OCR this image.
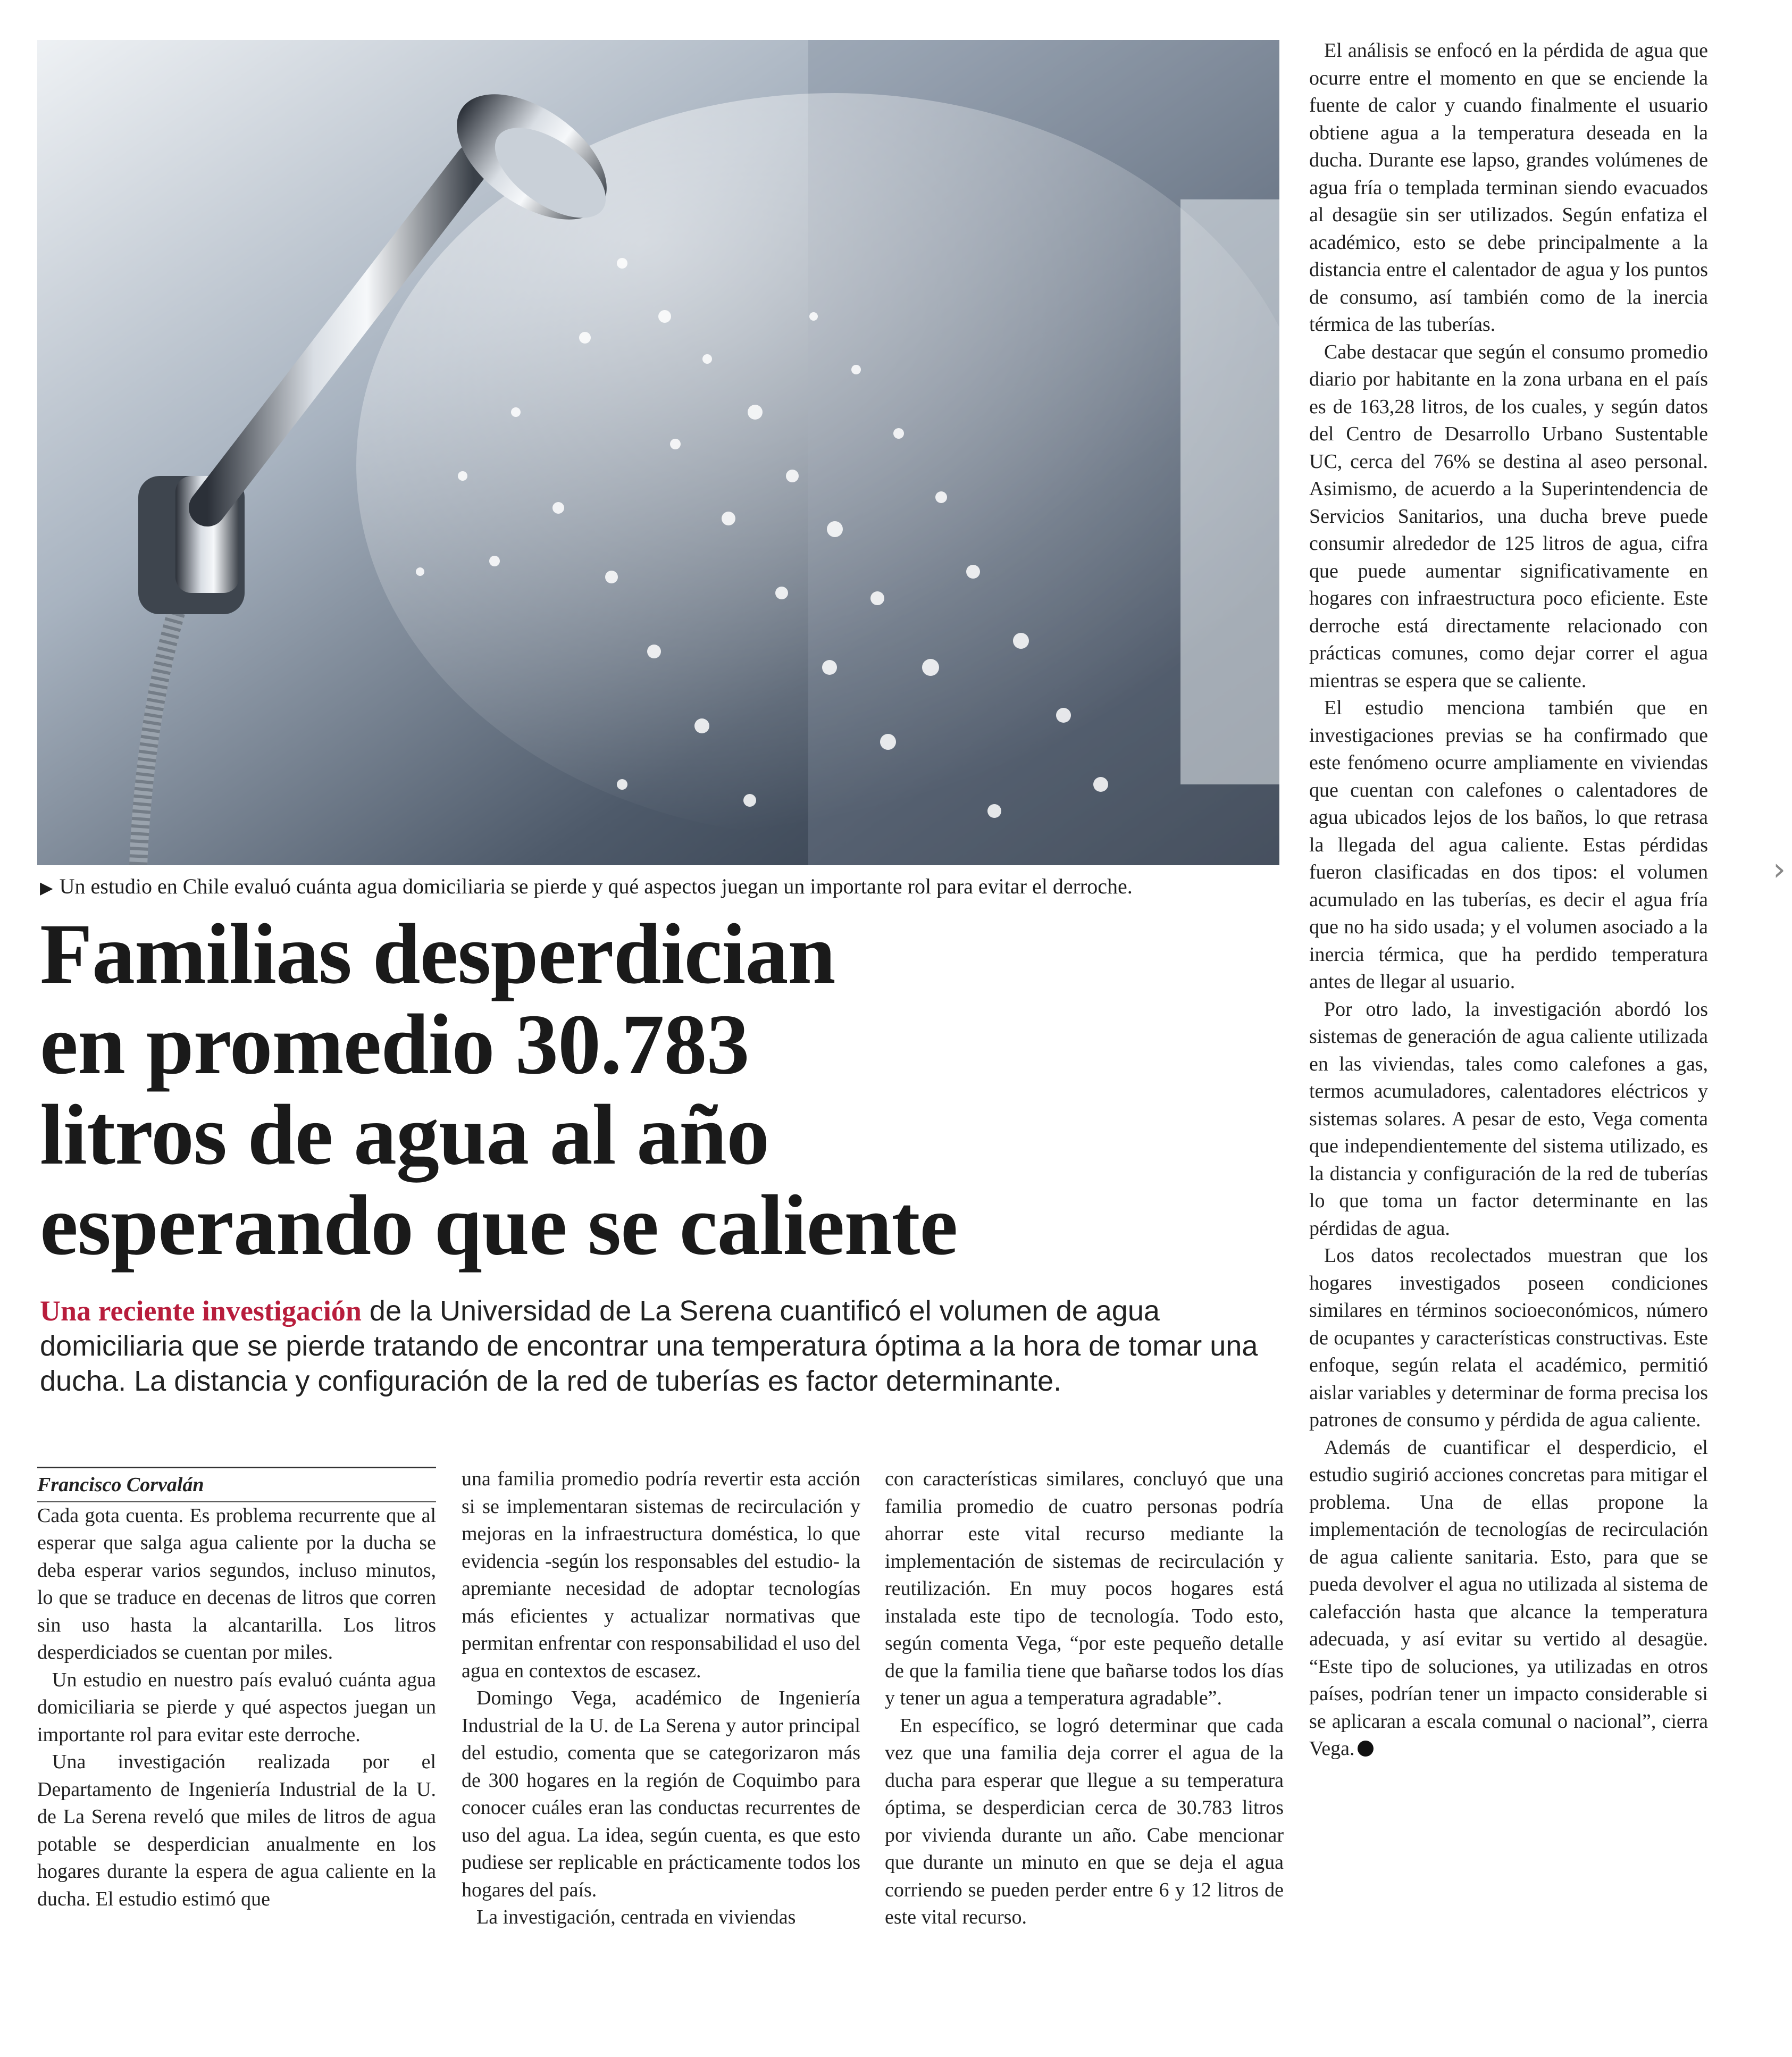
▶ Un estudio en Chile evaluó cuánta agua domiciliaria se pierde y qué aspectos juegan un importante rol para evitar el derroche.
Familias desperdician
en promedio 30.783
litros de agua al año
esperando que se caliente
Una reciente investigación de la Universidad de La Serena cuantificó el volumen de agua domiciliaria que se pierde tratando de encontrar una temperatura óptima a la hora de tomar una ducha. La distancia y configuración de la red de tuberías es factor determinante.

Francisco Corvalán

Cada gota cuenta. Es problema recurrente que al esperar que salga agua caliente por la ducha se deba esperar varios segundos, incluso minutos, lo que se traduce en decenas de litros que corren sin uso hasta la alcantarilla. Los litros desperdiciados se cuentan por miles.

Un estudio en nuestro país evaluó cuánta agua domiciliaria se pierde y qué aspectos juegan un importante rol para evitar este derroche.

Una investigación realizada por el Departamento de Ingeniería Industrial de la U. de La Serena reveló que miles de litros de agua potable se desperdician anualmente en los hogares durante la espera de agua caliente en la ducha. El estudio estimó que

una familia promedio podría revertir esta acción si se implementaran sistemas de recirculación y mejoras en la infraestructura doméstica, lo que evidencia -según los responsables del estudio- la apremiante necesidad de adoptar tecnologías más eficientes y actualizar normativas que permitan enfrentar con responsabilidad el uso del agua en contextos de escasez.

Domingo Vega, académico de Ingeniería Industrial de la U. de La Serena y autor principal del estudio, comenta que se categorizaron más de 300 hogares en la región de Coquimbo para conocer cuáles eran las conductas recurrentes de uso del agua. La idea, según cuenta, es que esto pudiese ser replicable en prácticamente todos los hogares del país.

La investigación, centrada en viviendas

con características similares, concluyó que una familia promedio de cuatro personas podría ahorrar este vital recurso mediante la implementación de sistemas de recirculación y reutilización. En muy pocos hogares está instalada este tipo de tecnología. Todo esto, según comenta Vega, “por este pequeño detalle de que la familia tiene que bañarse todos los días y tener un agua a temperatura agradable”.

En específico, se logró determinar que cada vez que una familia deja correr el agua de la ducha para esperar que llegue a su temperatura óptima, se desperdician cerca de 30.783 litros por vivienda durante un año. Cabe mencionar que durante un minuto en que se deja el agua corriendo se pueden perder entre 6 y 12 litros de este vital recurso.

El análisis se enfocó en la pérdida de agua que ocurre entre el momento en que se enciende la fuente de calor y cuando finalmente el usuario obtiene agua a la temperatura deseada en la ducha. Durante ese lapso, grandes volúmenes de agua fría o templada terminan siendo evacuados al desagüe sin ser utilizados. Según enfatiza el académico, esto se debe principalmente a la distancia entre el calentador de agua y los puntos de consumo, así también como de la inercia térmica de las tuberías.

Cabe destacar que según el consumo promedio diario por habitante en la zona urbana en el país es de 163,28 litros, de los cuales, y según datos del Centro de Desarrollo Urbano Sustentable UC, cerca del 76% se destina al aseo personal. Asimismo, de acuerdo a la Superintendencia de Servicios Sanitarios, una ducha breve puede consumir alrededor de 125 litros de agua, cifra que puede aumentar significativamente en hogares con infraestructura poco eficiente. Este derroche está directamente relacionado con prácticas comunes, como dejar correr el agua mientras se espera que se caliente.

El estudio menciona también que en investigaciones previas se ha confirmado que este fenómeno ocurre ampliamente en viviendas que cuentan con calefones o calentadores de agua ubicados lejos de los baños, lo que retrasa la llegada del agua caliente. Estas pérdidas fueron clasificadas en dos tipos: el volumen acumulado en las tuberías, es decir el agua fría que no ha sido usada; y el volumen asociado a la inercia térmica, que ha perdido temperatura antes de llegar al usuario.

Por otro lado, la investigación abordó los sistemas de generación de agua caliente utilizada en las viviendas, tales como calefones a gas, termos acumuladores, calentadores eléctricos y sistemas solares. A pesar de esto, Vega comenta que independientemente del sistema utilizado, es la distancia y configuración de la red de tuberías lo que toma un factor determinante en las pérdidas de agua.

Los datos recolectados muestran que los hogares investigados poseen condiciones similares en términos socioeconómicos, número de ocupantes y características constructivas. Este enfoque, según relata el académico, permitió aislar variables y determinar de forma precisa los patrones de consumo y pérdida de agua caliente.

Además de cuantificar el desperdicio, el estudio sugirió acciones concretas para mitigar el problema. Una de ellas propone la implementación de tecnologías de recirculación de agua caliente sanitaria. Esto, para que se pueda devolver el agua no utilizada al sistema de calefacción hasta que alcance la temperatura adecuada, y así evitar su vertido al desagüe. “Este tipo de soluciones, ya utilizadas en otros países, podrían tener un impacto considerable si se aplicaran a escala comunal o nacional”, cierra Vega.

›
